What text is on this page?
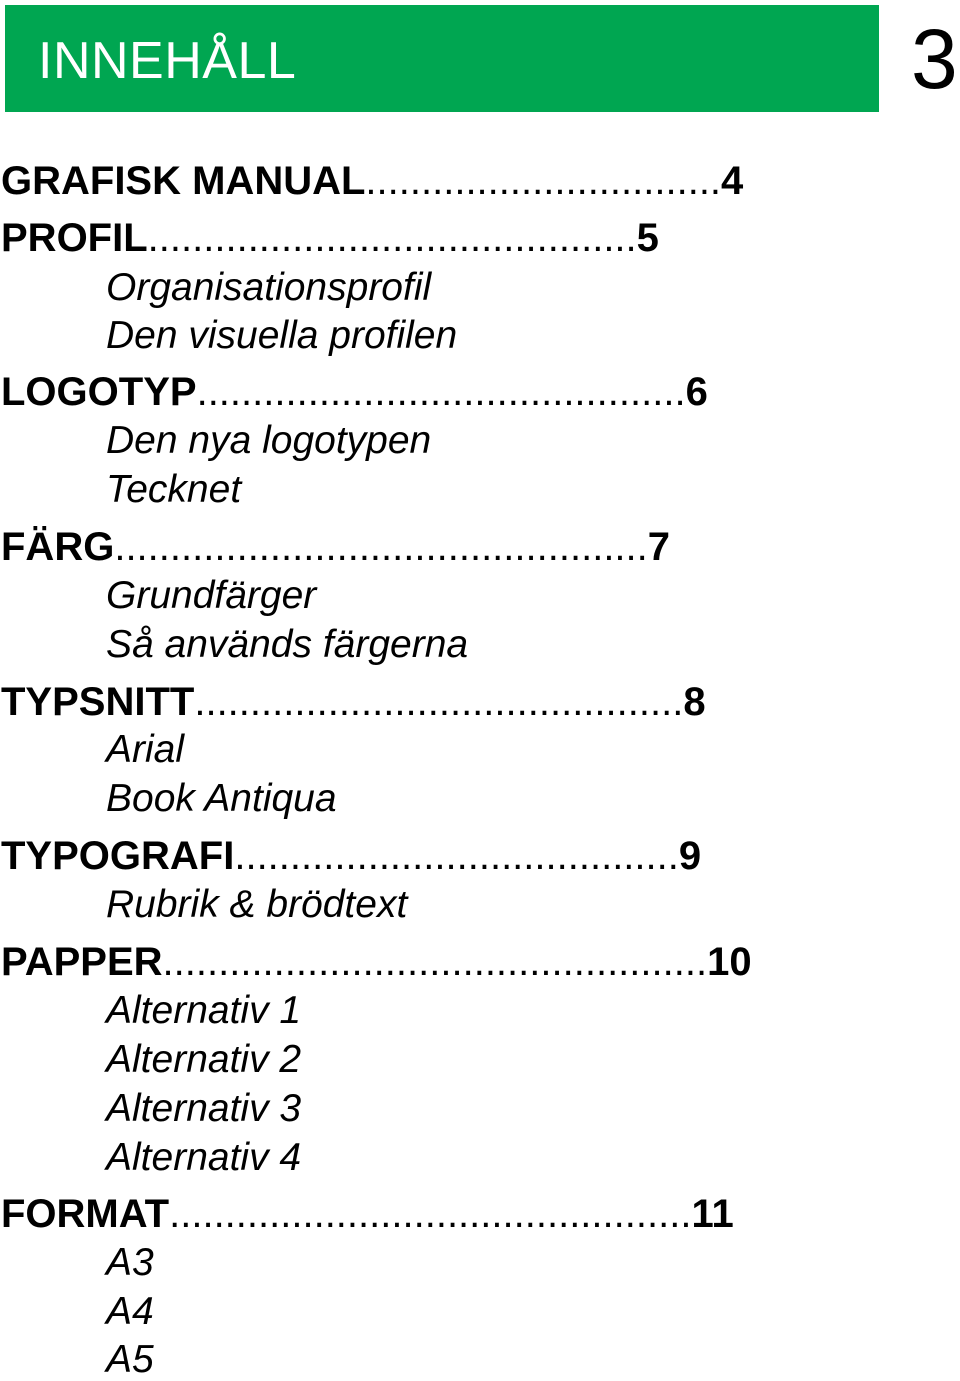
INNEHÅLL	3
GRAFISK MANUAL................................4
PROFIL............................................5
Organisationsprofil
Den visuella profilen
LOGOTYP............................................6
Den nya logotypen
Tecknet
FÄRG................................................7
Grundfärger
Så används färgerna
TYPSNITT............................................8
Arial
Book Antiqua
TYPOGRAFI........................................9
Rubrik & brödtext
PAPPER.................................................10
Alternativ 1
Alternativ 2
Alternativ 3
Alternativ 4
FORMAT...............................................11
A3
A4
A5
